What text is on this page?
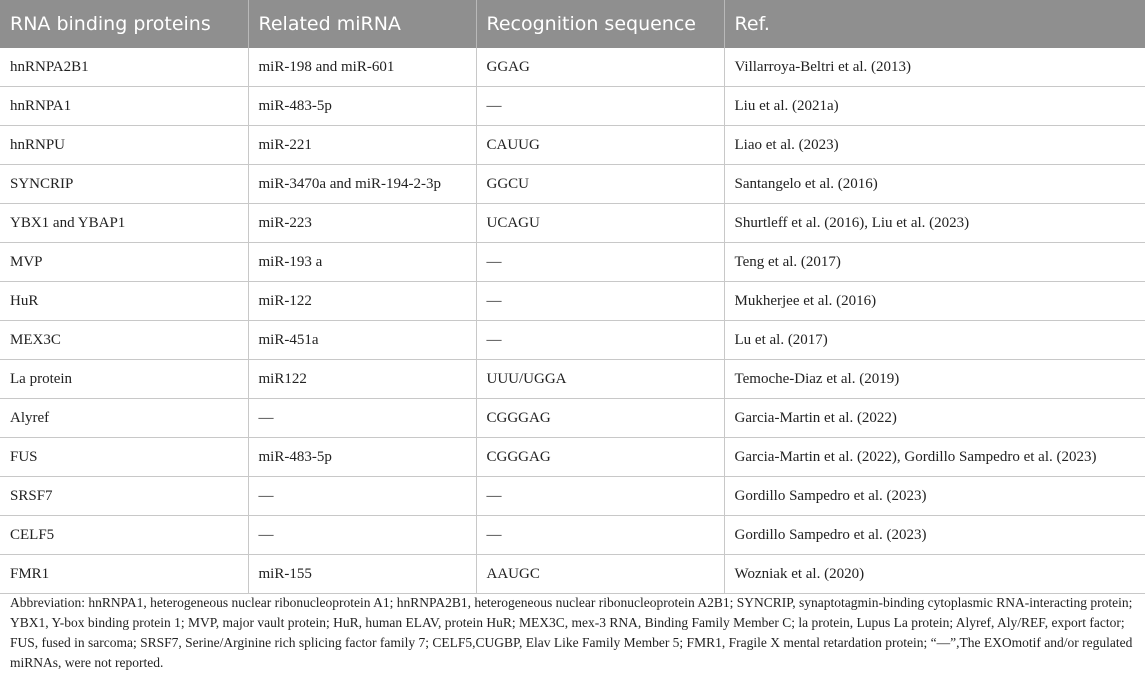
RNA binding proteins	Related miRNA	Recognition sequence	Ref.
hnRNPA2B1	miR-198 and miR-601	GGAG	Villarroya-Beltri et al. (2013)
hnRNPA1	miR-483-5p	—	Liu et al. (2021a)
hnRNPU	miR-221	CAUUG	Liao et al. (2023)
SYNCRIP	miR-3470a and miR-194-2-3p	GGCU	Santangelo et al. (2016)
YBX1 and YBAP1	miR-223	UCAGU	Shurtleff et al. (2016), Liu et al. (2023)
MVP	miR-193 a	—	Teng et al. (2017)
HuR	miR-122	—	Mukherjee et al. (2016)
MEX3C	miR-451a	—	Lu et al. (2017)
La protein	miR122	UUU/UGGA	Temoche-Diaz et al. (2019)
Alyref	—	CGGGAG	Garcia-Martin et al. (2022)
FUS	miR-483-5p	CGGGAG	Garcia-Martin et al. (2022), Gordillo Sampedro et al. (2023)
SRSF7	—	—	Gordillo Sampedro et al. (2023)
CELF5	—	—	Gordillo Sampedro et al. (2023)
FMR1	miR-155	AAUGC	Wozniak et al. (2020)
Abbreviation: hnRNPA1, heterogeneous nuclear ribonucleoprotein A1; hnRNPA2B1, heterogeneous nuclear ribonucleoprotein A2B1; SYNCRIP, synaptotagmin-binding cytoplasmic RNA-interacting protein; YBX1, Y-box binding protein 1; MVP, major vault protein; HuR, human ELAV, protein HuR; MEX3C, mex-3 RNA, Binding Family Member C; la protein, Lupus La protein; Alyref, Aly/REF, export factor; FUS, fused in sarcoma; SRSF7, Serine/Arginine rich splicing factor family 7; CELF5,CUGBP, Elav Like Family Member 5; FMR1, Fragile X mental retardation protein; “—”,The EXOmotif and/or regulated miRNAs, were not reported.
